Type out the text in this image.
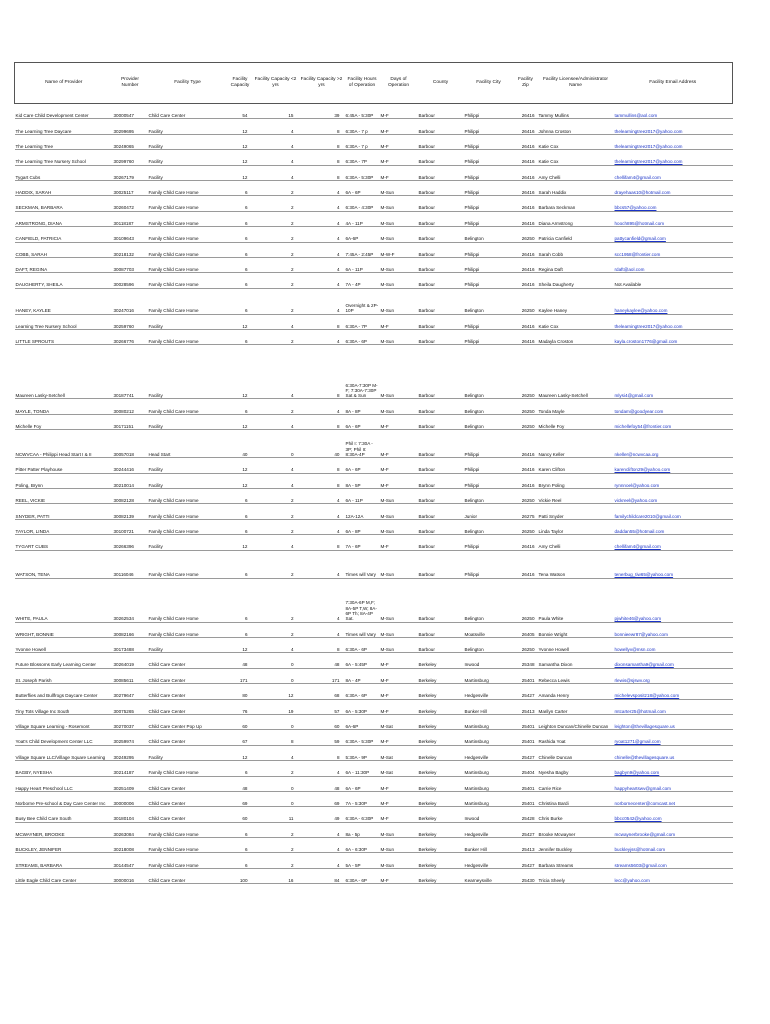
Name of Provider	Provider Number	Facility Type	Facility Capacity	Facility Capacity <2 yrs	Facility Capacity >2 yrs	Facility Hours of Operation	Days of Operation	County	Facility City	Facility Zip	Facility Licensee/Administrator Name	Facility Email Address
Kid Care Child Development Center	30000547	Child Care Center	54	15	39	6:45A - 5:30P	M-F	Barbour	Philippi	26416	Tammy Mullins	tammullins@aol.com
The Learning Tree Daycare	30299695	Facility	12	4	8	6:30A - 7 p	M-F	Barbour	Philippi	26416	Johnna Croston	thelearningtree2017@yahoo.com
The Learning Tree	30249065	Facility	12	4	8	6:30A - 7 p	M-F	Barbour	Philippi	26416	Katie Cox	thelearningtree2017@yahoo.com
The Learning Tree Nursery School	30299760	Facility	12	4	8	6:30A - 7P	M-F	Barbour	Philippi	26416	Katie Cox	thelearningtree2017@yahoo.com
Tygart Cubs	30267179	Facility	12	4	8	6:30A - 5:30P	M-F	Barbour	Philippi	26416	Amy Chelli	chellifam4@gmail.com
HADDIX, SARAH	30025117	Family Child Care Home	6	2	4	6A - 6P	M-Sun	Barbour	Philippi	26416	Sarah Haddix	drayehaas10@hotmail.com
SECKMAN, BARBARA	30260472	Family Child Care Home	6	2	4	6:30A - 4:30P	M-Sun	Barbour	Philippi	26416	Barbara Seckman	bbcs57@yahoo.com
ARMSTRONG, DIANA	30118187	Family Child Care Home	6	2	4	4A - 11P	M-Sun	Barbour	Philippi	26416	Diana Armstrong	hooch895@hotmail.com
CANFIELD, PATRICIA	30109643	Family Child Care Home	6	2	4	6A-6P	M-Sun	Barbour	Belington	26250	Patricia Canfield	pattycanfield@gmail.com
COBB, SARAH	30218132	Family Child Care Home	6	2	4	7:45A - 2:45P	M-W-F	Barbour	Philippi	26416	Sarah Cobb	scc1958@frontier.com
DAFT, REGINA	30087703	Family Child Care Home	6	2	4	6A - 11P	M-Sun	Barbour	Philippi	26416	Regina Daft	rdaft@aol.com
DAUGHERTY, SHEILA	30028596	Family Child Care Home	6	2	4	7A - 4P	M-Sun	Barbour	Philippi	26416	Sheila Daugherty	Not Available
HANEY, KAYLEE	30247016	Family Child Care Home	6	2	4	Overnight & 2P-10P	M-Sun	Barbour	Belington	26250	Kaylee Haney	haneykaylee@yahoo.com
Learning Tree Nursery School	30259760	Facility	12	4	8	6:30A - 7P	M-F	Barbour	Philippi	26416	Katie Cox	thelearningtree2017@yahoo.com
LITTLE SPROUTS	30266776	Family Child Care Home	6	2	4	6:30A - 6P	M-Sun	Barbour	Philippi	26416	Madayla Croston	kayla.croston1776@gmail.com
Maureen Lasky-Setchell	30187741	Facility	12	4	8	6:30A-7:30P M-F; 7:30A-7:30P Sat & Sun	M-Sun	Barbour	Belington	26250	Maureen Lasky-Setchell	mlysi4@gmail.com
MAYLE, TONDA	30080212	Family Child Care Home	6	2	4	8A - 8P	M-Sun	Barbour	Belington	26250	Tonda Mayle	tondam@goodyear.com
Michelle Foy	30171151	Facility	12	4	8	6A - 6P	M-F	Barbour	Belington	26250	Michelle Foy	michellefoy54@frontier.com
NCWVCAA - Philippi Head Start I & II	30057018	Head Start	40	0	40	Phil I: 7:30A - 3P; Phil II: 8:30A-4P	M-F	Barbour	Philippi	26416	Nancy Keller	nkeller@ncwvcaa.org
Pitter Patter Playhouse	30244416	Facility	12	4	8	6A - 6P	M-F	Barbour	Philippi	26416	Karen Clifton	karenclifton29@yahoo.com
Poling, Brynn	30210014	Facility	12	4	8	8A - 5P	M-F	Barbour	Philippi	26416	Brynn Poling	rynnnoel@yahoo.com
REEL, VICKIE	30082128	Family Child Care Home	6	2	4	6A - 11P	M-Sun	Barbour	Belington	26250	Vickie Reel	vickreel@yahoo.com
SNYDER, PATTI	30082139	Family Child Care Home	6	2	4	12A-12A	M-Sun	Barbour	Junior	26275	Patti Snyder	familychildcare2010@gmail.com
TAYLOR, LINDA	30100721	Family Child Care Home	6	2	4	6A - 8P	M-Sun	Barbour	Belington	26250	Linda Taylor	daddan55@hotmail.com
TYGART CUBS	30266396	Facility	12	4	8	7A - 6P	M-F	Barbour	Philippi	26416	Amy Chelli	chellifam4@gmail.com
WATSON, TENA	30116046	Family Child Care Home	6	2	4	Times will Vary	M-Sun	Barbour	Philippi	26416	Tena Watson	tenerbug_tiw65@yahoo.com
WHITE, PAULA	30262534	Family Child Care Home	6	2	4	7:30A-6P M,F; 8A-5P T,W; 8A-6P Th; 8A-4P Sat.	M-Sun	Barbour	Belington	26250	Paula White	pjwhite46@yahoo.com
WRIGHT, BONNIE	30082166	Family Child Care Home	6	2	4	Times will Vary	M-Sun	Barbour	Moatsville	26405	Bonnie Wright	bonnieewr87@yahoo.com
Yvonne Howell	30173488	Facility	12	4	8	6:30A - 6P	M-Sun	Barbour	Belington	26250	Yvonne Howell	howellyv@msn.com
Future Blossoms Early Learning Center	30264019	Child Care Center	48	0	48	6A - 5:45P	M-F	Berkeley	Inwood	25348	Samantha Dixon	dixonsamantha9@gmail.com
St. Joseph Parish	30085611	Child Care Center	171	0	171	8A - 4P	M-F	Berkeley	Martinsburg	25401	Rebecca Lewis	rlewis@sjswv.org
Butterflies and Bullfrogs Daycare Center	30279647	Child Care Center	80	12	68	6:30A - 6P	M-F	Berkeley	Hedgesville	25427	Amanda Henry	michelevspositz18@yahoo.com
Tiny Tots Village Inc South	30075265	Child Care Center	76	19	57	6A - 5:30P	M-F	Berkeley	Bunker Hill	25413	Marilyn Carter	mtcarter25@hotmail.com
Village Square Learning - Rosemont	30270037	Child Care Center Pop Up	60	0	60	6A-6P	M-Sat	Berkeley	Martinsburg	25401	Leighton Duncan/Chinelle Duncan	leighton@thevillagesquare.us
Yoat's Child Development Center LLC	30259974	Child Care Center	67	8	59	6:30A - 5:30P	M-F	Berkeley	Martinsburg	25401	Rashida Yoat	ryoat1271@gmail.com
Village Square LLC/Village Square Learning	30249295	Facility	12	4	8	5:30A - 9P	M-Sat	Berkeley	Hedgesville	25427	Chinelle Duncan	chinelle@thevillagesquare.us
BAGBY, NYESHA	30214187	Family Child Care Home	6	2	4	6A - 11:30P	M-Sat	Berkeley	Martinsburg	25404	Nyesha Bagby	bagbyn9@yahoo.com
Happy Heart Preschool LLC	30251409	Child Care Center	48	0	48	6A - 6P	M-F	Berkeley	Martinsburg	25401	Carrie Rice	happyheartswv@gmail.com
Norborne Pre-school & Day Care Center Inc	30000006	Child Care Center	69	0	69	7A - 5:30P	M-F	Berkeley	Martinsburg	25401	Christina Bardi	norbornecenter@comcast.net
Busy Bee Child Care South	30180104	Child Care Center	60	11	49	6:30A - 6:30P	M-F	Berkeley	Inwood	25428	Chris Burke	bbcc0542@yahoo.com
MCWAYNER, BROOKE	30263084	Family Child Care Home	6	2	4	8a - 5p	M-Sun	Berkeley	Hedgesville	25427	Brooke Mcwayner	mcwaynerbrooke@gmail.com
BUCKLEY, JENNIFER	30218008	Family Child Care Home	6	2	4	6A - 6:30P	M-Sun	Berkeley	Bunker Hill	25413	Jennifer Buckley	buckleyjss@hotmail.com
STREAMS, BARBARA	30144547	Family Child Care Home	6	2	4	5A - 5P	M-Sun	Berkeley	Hedgesville	25427	Barbara Streams	streams5603@gmail.com
Little Eagle Child Care Center	30000016	Child Care Center	100	16	84	6:30A - 6P	M-F	Berkeley	Kearneysville	25430	Tricia Sheely	lecc@yahoo.com
